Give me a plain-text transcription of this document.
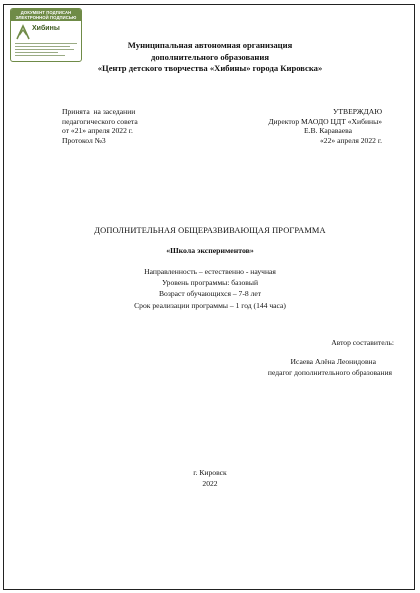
ДОКУМЕНТ ПОДПИСАН
ЭЛЕКТРОННОЙ ПОДПИСЬЮ
Хибины
Муниципальная автономная организация
дополнительного образования
«Центр детского творчества «Хибины» города Кировска»
Принята  на заседании
педагогического совета
от «21» апреля 2022 г.
Протокол №3
УТВЕРЖДАЮ
Директор МАОДО ЦДТ «Хибины»
Е.В. Караваева
«22» апреля 2022 г.
ДОПОЛНИТЕЛЬНАЯ ОБЩЕРАЗВИВАЮЩАЯ ПРОГРАММА
«Школа экспериментов»
Направленность – естественно - научная
Уровень программы: базовый
Возраст обучающихся – 7-8 лет
Срок реализации программы – 1 год (144 часа)
Автор составитель:
Исаева Алёна Леонидовна
педагог дополнительного образования
г. Кировск
2022
